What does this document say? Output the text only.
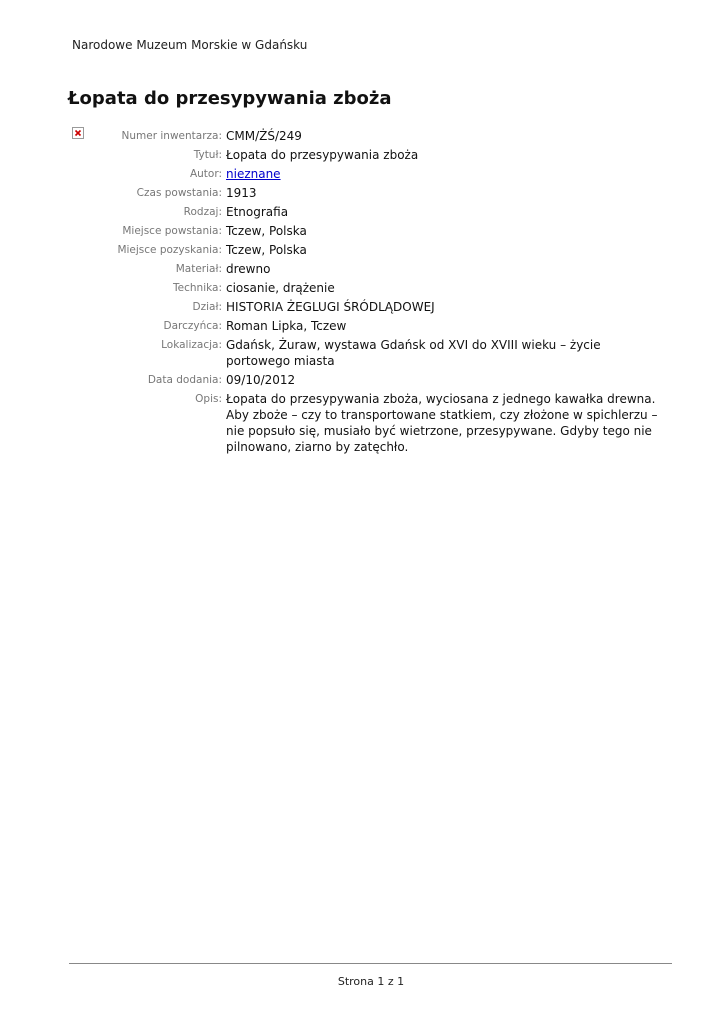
Narodowe Muzeum Morskie w Gdańsku
Łopata do przesypywania zboża
Numer inwentarza: CMM/ŻŚ/249
Tytuł: Łopata do przesypywania zboża
Autor: nieznane
Czas powstania: 1913
Rodzaj: Etnografia
Miejsce powstania: Tczew, Polska
Miejsce pozyskania: Tczew, Polska
Materiał: drewno
Technika: ciosanie, drążenie
Dział: HISTORIA ŻEGLUGI ŚRÓDLĄDOWEJ
Darczyńca: Roman Lipka, Tczew
Lokalizacja: Gdańsk, Żuraw, wystawa Gdańsk od XVI do XVIII wieku – życie portowego miasta
Data dodania: 09/10/2012
Opis: Łopata do przesypywania zboża, wyciosana z jednego kawałka drewna. Aby zboże – czy to transportowane statkiem, czy złożone w spichlerzu – nie popsuło się, musiało być wietrzone, przesypywane. Gdyby tego nie pilnowano, ziarno by zatęchło.
Strona 1 z 1
